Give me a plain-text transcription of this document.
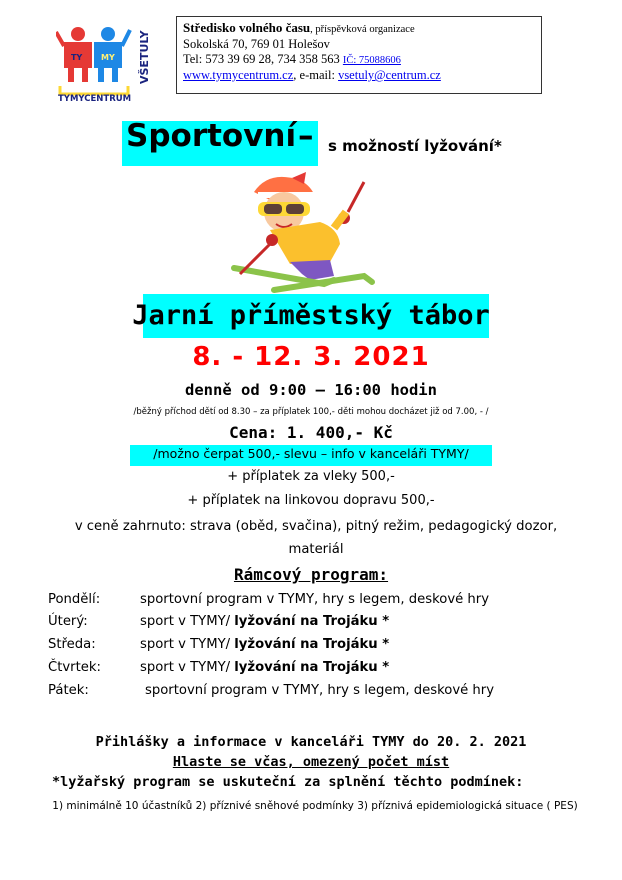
TY MY
TYMYCENTRUM
VŠETULY
Středisko volného času, příspěvková organizace
Sokolská 70, 769 01 Holešov
Tel: 573 39 69 28, 734 358 563 IČ: 75088606
www.tymycentrum.cz, e-mail: vsetuly@centrum.cz
Sportovní – s možností lyžování*
Jarní příměstský tábor
8. - 12. 3. 2021
denně od 9:00 – 16:00 hodin
/běžný příchod dětí od 8.30 – za příplatek 100,- děti mohou docházet již od 7.00, - /
Cena: 1. 400,- Kč
/možno čerpat 500,- slevu – info v kanceláři TYMY/
+ příplatek za vleky 500,-
+ příplatek na linkovou dopravu 500,-
v ceně zahrnuto: strava (oběd, svačina), pitný režim, pedagogický dozor, materiál
Rámcový program:
Pondělí:	sportovní program v TYMY, hry s legem, deskové hry
Úterý:	sport v TYMY/ lyžování na Trojáku *
Středa:	sport v TYMY/ lyžování na Trojáku *
Čtvrtek:	sport v TYMY/ lyžování na Trojáku *
Pátek:	sportovní program v TYMY, hry s legem, deskové hry
Přihlášky a informace v kanceláři TYMY do 20. 2. 2021
Hlaste se včas, omezený počet míst
*lyžařský program se uskuteční za splnění těchto podmínek:
1) minimálně 10 účastníků 2) příznivé sněhové podmínky 3) příznivá epidemiologická situace ( PES)
